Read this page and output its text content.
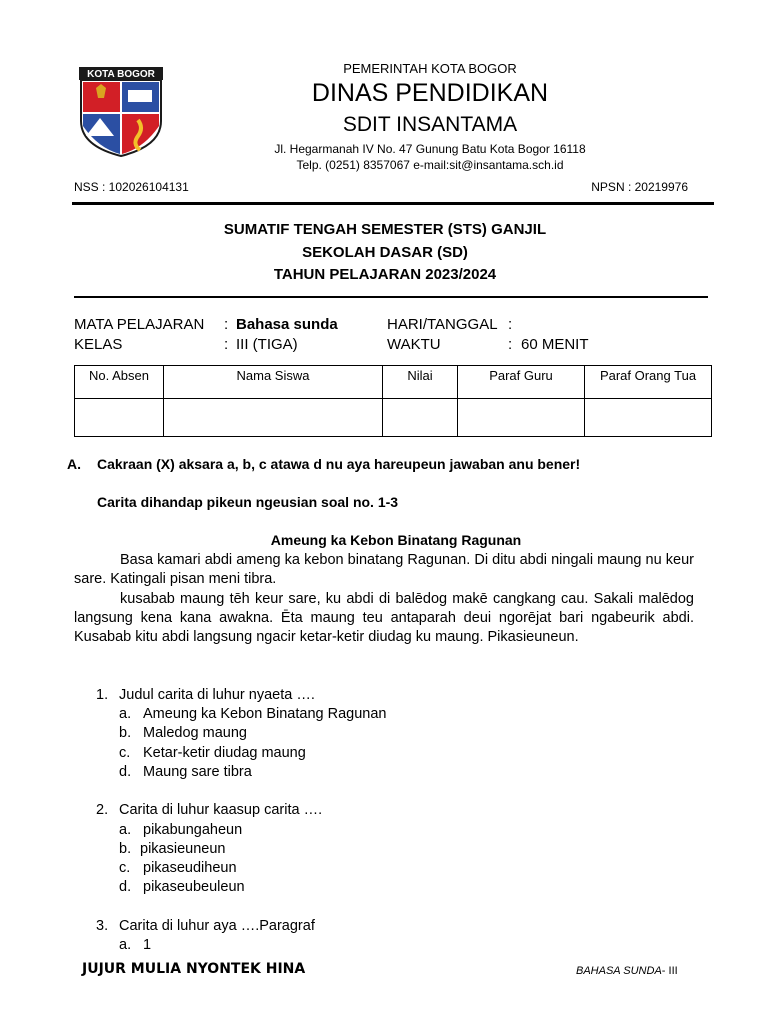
KOTA BOGOR	PEMERINTAH KOTA BOGOR
DINAS PENDIDIKAN
SDIT INSANTAMA
Jl. Hegarmanah IV No. 47 Gunung Batu Kota Bogor 16118
Telp. (0251) 8357067 e-mail:sit@insantama.sch.id
NSS : 102026104131	NPSN : 20219976
SUMATIF TENGAH SEMESTER (STS) GANJIL
SEKOLAH DASAR (SD)
TAHUN PELAJARAN 2023/2024
MATA PELAJARAN : Bahasa sunda	HARI/TANGGAL :
KELAS	: III (TIGA)	WAKTU	: 60 MENIT
No. Absen	Nama Siswa	Nilai	Paraf Guru	Paraf Orang Tua

A. Cakraan (X) aksara a, b, c atawa d nu aya hareupeun jawaban anu bener!
Carita dihandap pikeun ngeusian soal no. 1-3
Ameung ka Kebon Binatang Ragunan
Basa kamari abdi ameng ka kebon binatang Ragunan. Di ditu abdi ningali maung nu keur sare. Katingali pisan meni tibra.
kusabab maung tēh keur sare, ku abdi di balēdog makē cangkang cau. Sakali malēdog langsung kena kana awakna. Ēta maung teu antaparah deui ngorējat bari ngabeurik abdi. Kusabab kitu abdi langsung ngacir ketar-ketir diudag ku maung. Pikasieuneun.
1. Judul carita di luhur nyaeta ….
a. Ameung ka Kebon Binatang Ragunan
b. Maledog maung
c. Ketar-ketir diudag maung
d. Maung sare tibra
2. Carita di luhur kaasup carita ….
a. pikabungaheun
b. pikasieuneun
c. pikaseudiheun
d. pikaseubeuleun
3. Carita di luhur aya ….Paragraf
a. 1
JUJUR MULIA NYONTEK HINA	BAHASA SUNDA- III
